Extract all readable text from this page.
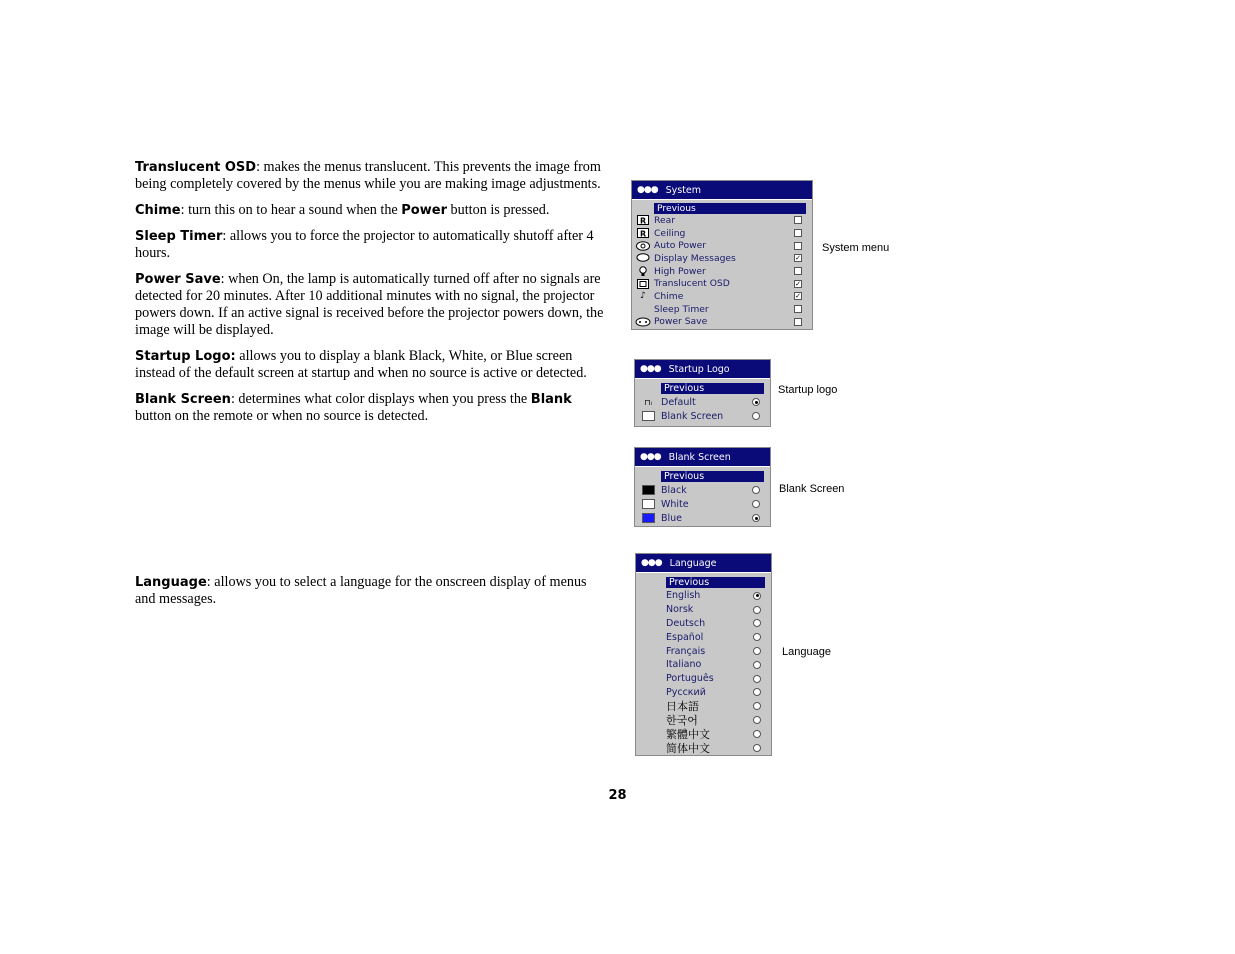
Translucent OSD: makes the menus translucent. This prevents the image from being completely covered by the menus while you are making image adjustments.

Chime: turn this on to hear a sound when the Power button is pressed.

Sleep Timer: allows you to force the projector to automatically shutoff after 4 hours.

Power Save: when On, the lamp is automatically turned off after no signals are detected for 20 minutes. After 10 additional minutes with no signal, the projector powers down. If an active signal is received before the projector powers down, the image will be displayed.

Startup Logo: allows you to display a blank Black, White, or Blue screen instead of the default screen at startup and when no source is active or detected.

Blank Screen: determines what color displays when you press the Blank button on the remote or when no source is detected.

Language: allows you to select a language for the onscreen display of menus and messages.

●●● System
Previous
R Rear
R Ceiling
Auto Power
Display Messages	✓
High Power
Translucent OSD	✓
♪ Chime	✓
Sleep Timer
Power Save
System menu
●●● Startup Logo
Previous
⊓ₗ Default
Blank Screen
Startup logo
●●● Blank Screen
Previous
Black
White
Blue
Blank Screen
●●● Language
Previous
English
Norsk
Deutsch
Español
Français
Italiano
Português
Русский
日本語
한국어
繁體中文
简体中文
Language
28
